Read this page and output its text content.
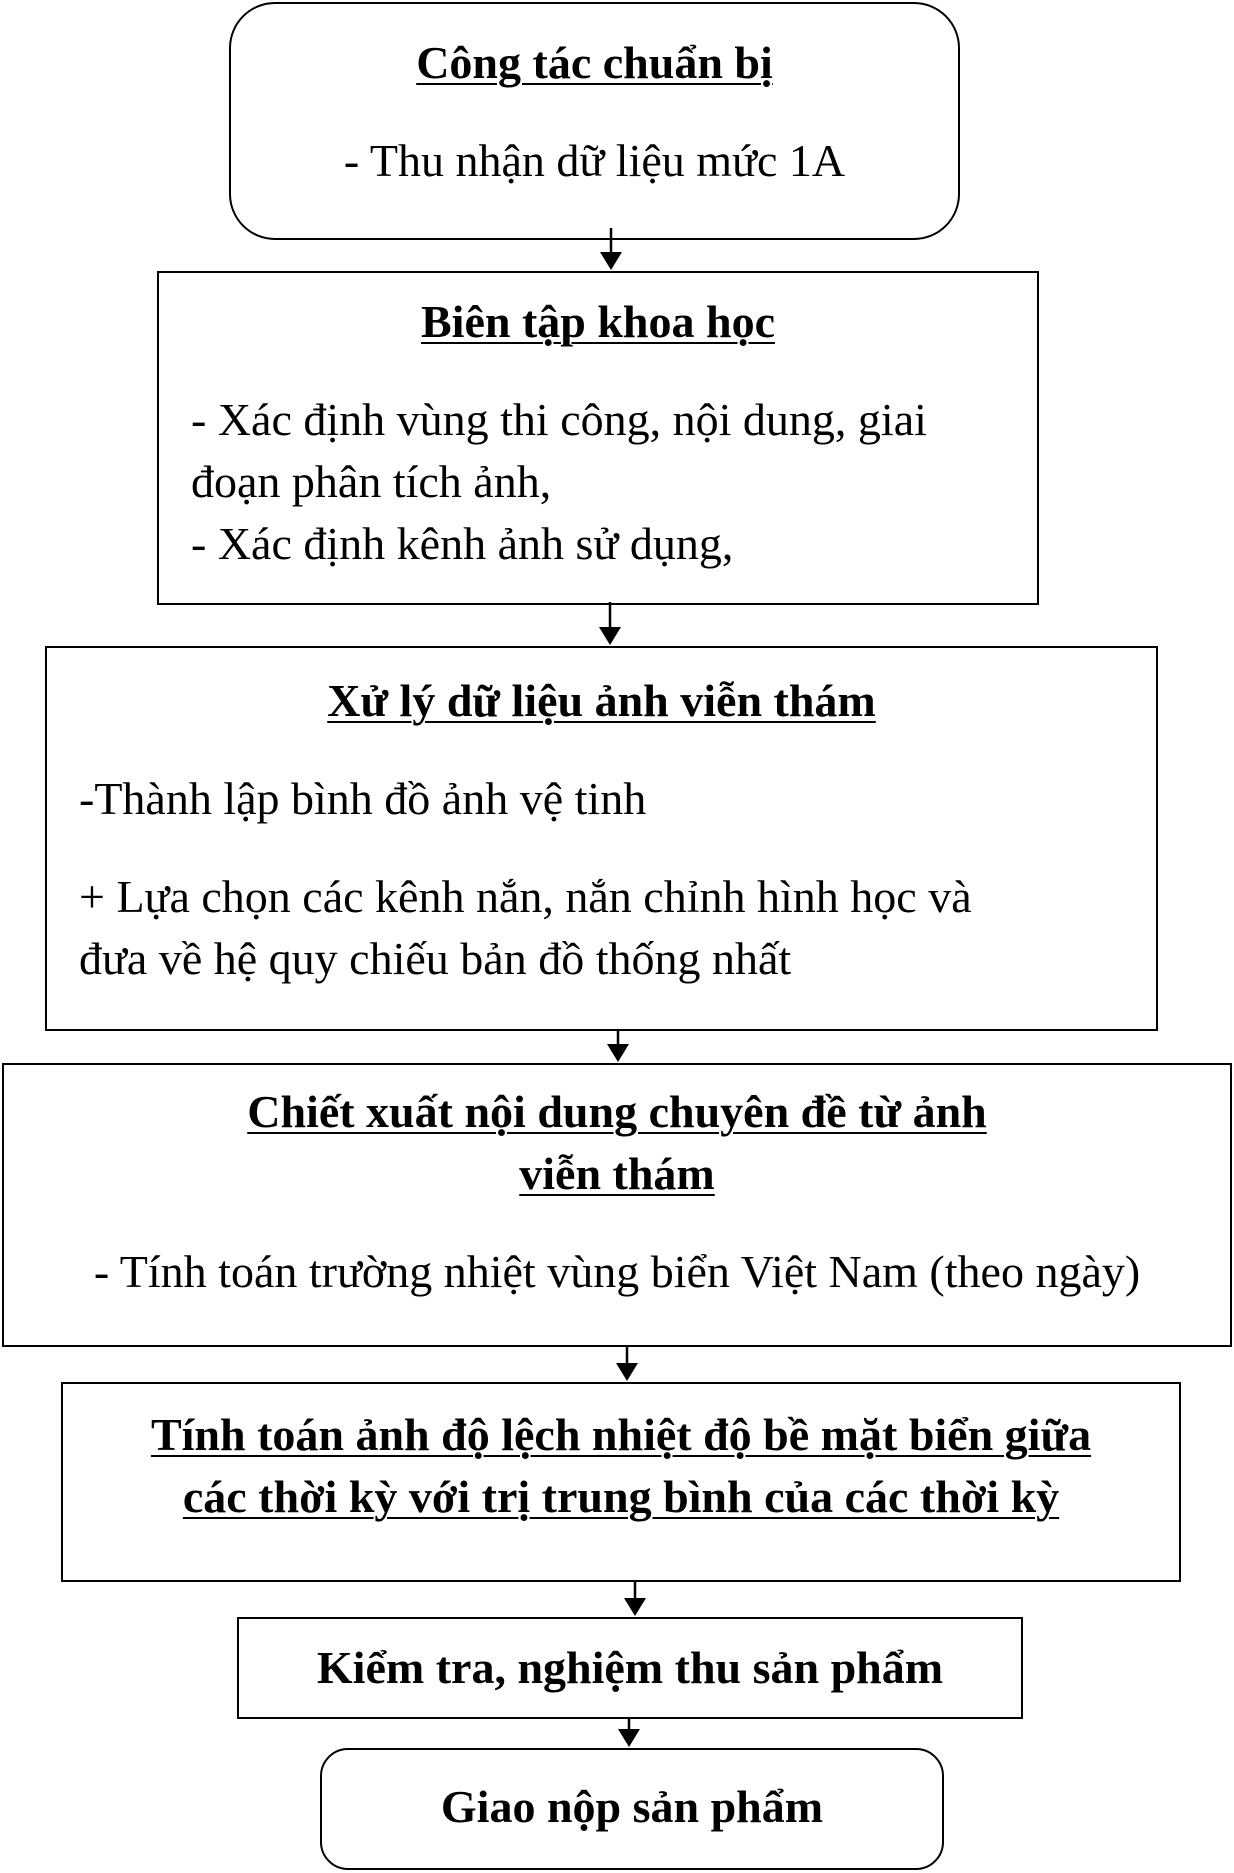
Công tác chuẩn bị

- Thu nhận dữ liệu mức 1A

Biên tập khoa học

- Xác định vùng thi công, nội dung, giai

đoạn phân tích ảnh,

- Xác định kênh ảnh sử dụng,

Xử lý dữ liệu ảnh viễn thám

-Thành lập bình đồ ảnh vệ tinh

+ Lựa chọn các kênh nắn, nắn chỉnh hình học và

đưa về hệ quy chiếu bản đồ thống nhất

Chiết xuất nội dung chuyên đề từ ảnh

viễn thám

- Tính toán trường nhiệt vùng biển Việt Nam (theo ngày)

Tính toán ảnh độ lệch nhiệt độ bề mặt biển giữa

các thời kỳ với trị trung bình của các thời kỳ

Kiểm tra, nghiệm thu sản phẩm

Giao nộp sản phẩm
